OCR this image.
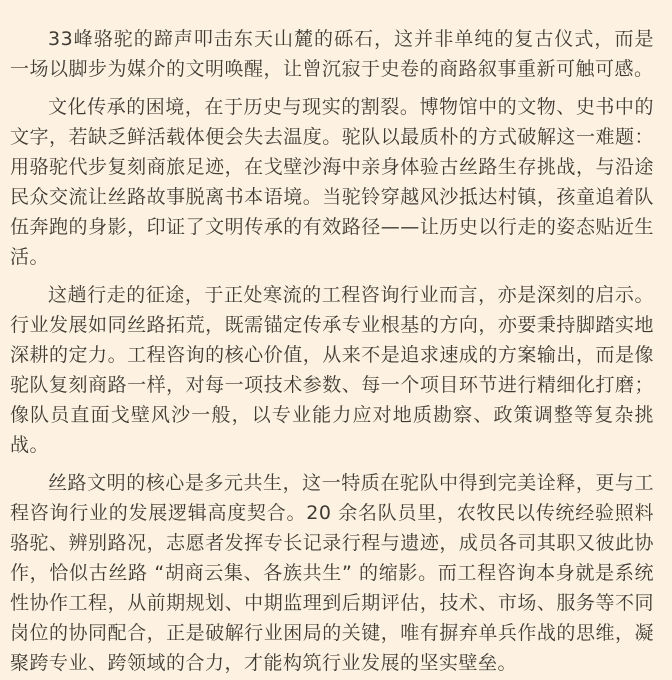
33峰骆驼的蹄声叩击东天山麓的砾石，这并非单纯的复古仪式，而是一场以脚步为媒介的文明唤醒，让曾沉寂于史卷的商路叙事重新可触可感。

文化传承的困境，在于历史与现实的割裂。博物馆中的文物、史书中的文字，若缺乏鲜活载体便会失去温度。驼队以最质朴的方式破解这一难题：用骆驼代步复刻商旅足迹，在戈壁沙海中亲身体验古丝路生存挑战，与沿途民众交流让丝路故事脱离书本语境。当驼铃穿越风沙抵达村镇，孩童追着队伍奔跑的身影，印证了文明传承的有效路径——让历史以行走的姿态贴近生活。

这趟行走的征途，于正处寒流的工程咨询行业而言，亦是深刻的启示。行业发展如同丝路拓荒，既需锚定传承专业根基的方向，亦要秉持脚踏实地深耕的定力。工程咨询的核心价值，从来不是追求速成的方案输出，而是像驼队复刻商路一样，对每一项技术参数、每一个项目环节进行精细化打磨；像队员直面戈壁风沙一般，以专业能力应对地质勘察、政策调整等复杂挑战。

丝路文明的核心是多元共生，这一特质在驼队中得到完美诠释，更与工程咨询行业的发展逻辑高度契合。20 余名队员里，农牧民以传统经验照料骆驼、辨别路况，志愿者发挥专长记录行程与遗迹，成员各司其职又彼此协作，恰似古丝路 “胡商云集、各族共生” 的缩影。而工程咨询本身就是系统性协作工程，从前期规划、中期监理到后期评估，技术、市场、服务等不同岗位的协同配合，正是破解行业困局的关键，唯有摒弃单兵作战的思维，凝聚跨专业、跨领域的合力，才能构筑行业发展的坚实壁垒。
